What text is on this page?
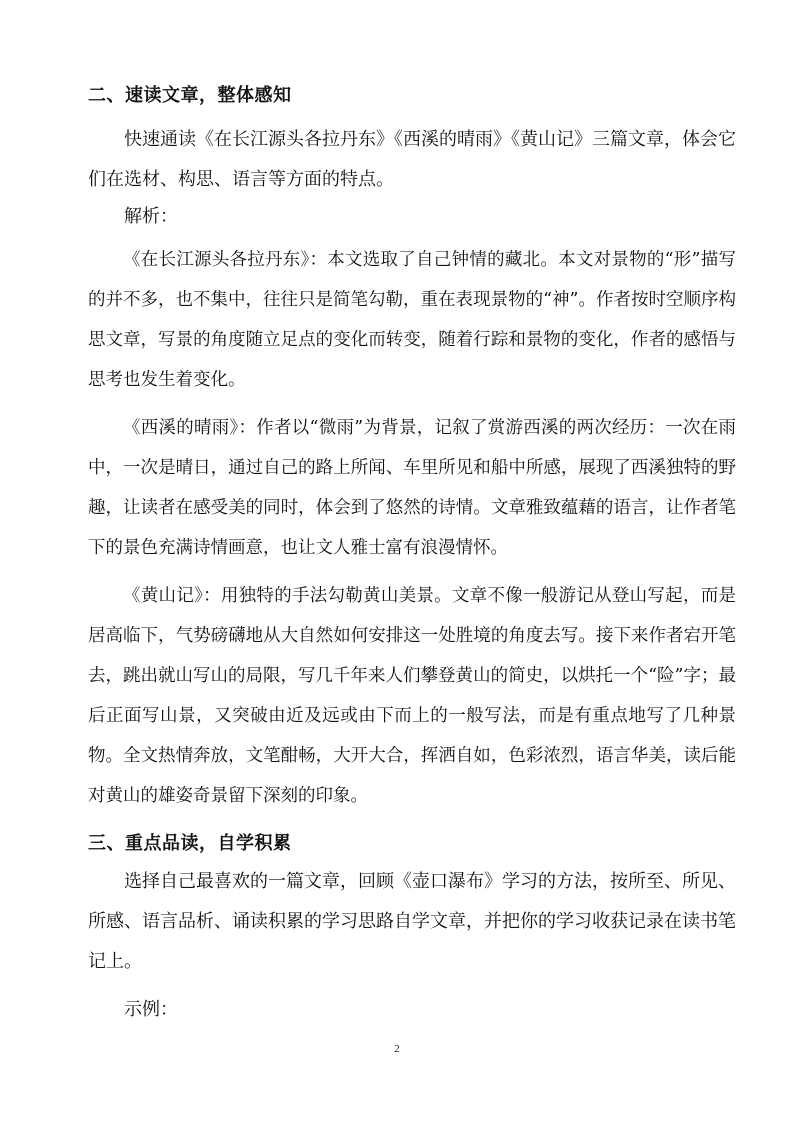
二、速读文章，整体感知

快速通读《在长江源头各拉丹东》《西溪的晴雨》《黄山记》三篇文章，体会它们在选材、构思、语言等方面的特点。

解析：

《在长江源头各拉丹东》：本文选取了自己钟情的藏北。本文对景物的“形”描写的并不多，也不集中，往往只是简笔勾勒，重在表现景物的“神”。作者按时空顺序构思文章，写景的角度随立足点的变化而转变，随着行踪和景物的变化，作者的感悟与思考也发生着变化。

《西溪的晴雨》：作者以“微雨”为背景，记叙了赏游西溪的两次经历：一次在雨中，一次是晴日，通过自己的路上所闻、车里所见和船中所感，展现了西溪独特的野趣，让读者在感受美的同时，体会到了悠然的诗情。文章雅致蕴藉的语言，让作者笔下的景色充满诗情画意，也让文人雅士富有浪漫情怀。

《黄山记》：用独特的手法勾勒黄山美景。文章不像一般游记从登山写起，而是居高临下，气势磅礴地从大自然如何安排这一处胜境的角度去写。接下来作者宕开笔去，跳出就山写山的局限，写几千年来人们攀登黄山的简史，以烘托一个“险”字；最后正面写山景，又突破由近及远或由下而上的一般写法，而是有重点地写了几种景物。全文热情奔放，文笔酣畅，大开大合，挥洒自如，色彩浓烈，语言华美，读后能对黄山的雄姿奇景留下深刻的印象。

三、重点品读，自学积累

选择自己最喜欢的一篇文章，回顾《壶口瀑布》学习的方法，按所至、所见、所感、语言品析、诵读积累的学习思路自学文章，并把你的学习收获记录在读书笔记上。

示例：

2
